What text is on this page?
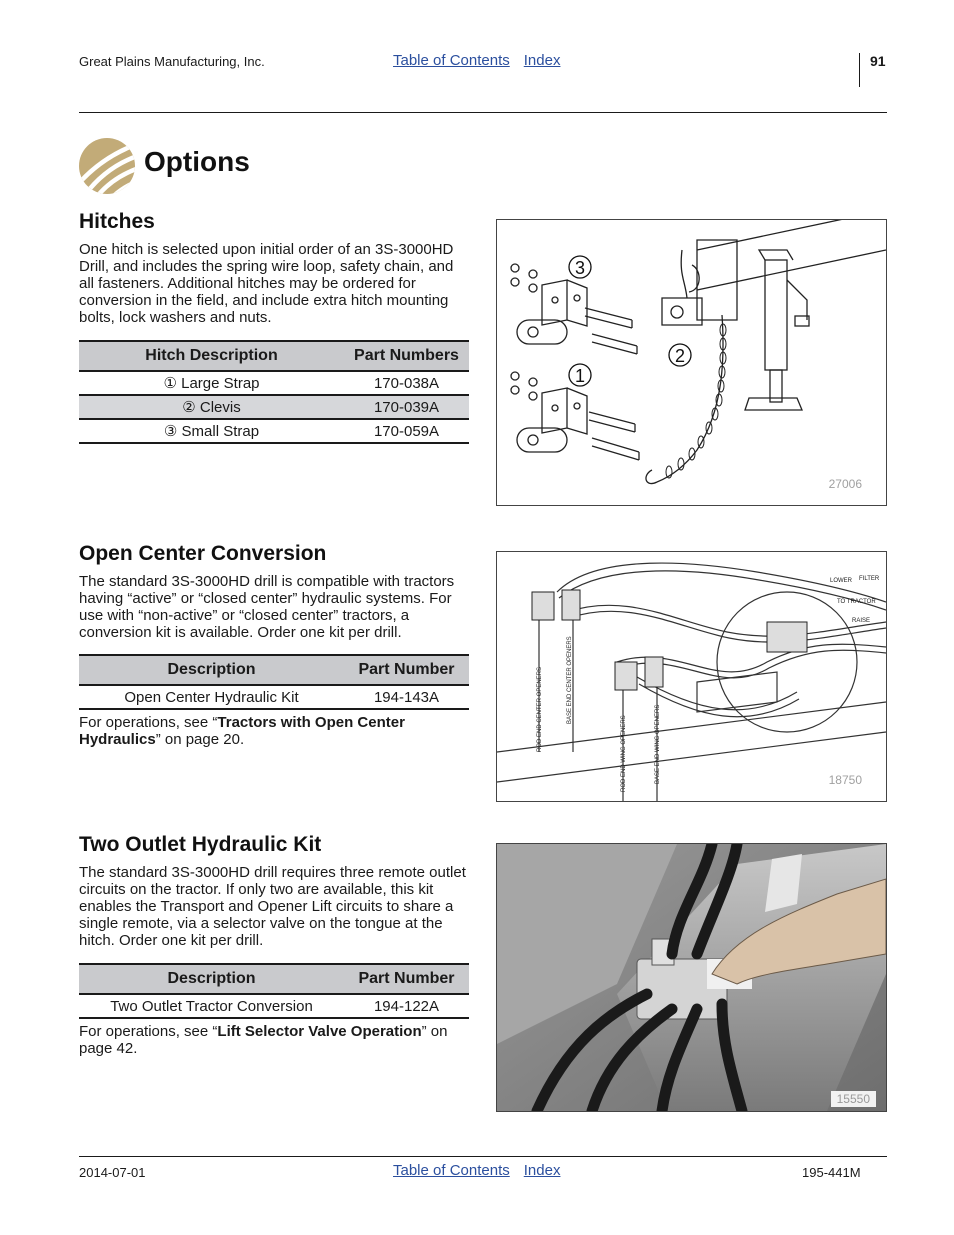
Great Plains Manufacturing, Inc.	Table of Contents Index	91
Options
Hitches
One hitch is selected upon initial order of an 3S-3000HD Drill, and includes the spring wire loop, safety chain, and all fasteners. Additional hitches may be ordered for conversion in the field, and include extra hitch mounting bolts, lock washers and nuts.
Hitch Description	Part Numbers
① Large Strap	170-038A
② Clevis	170-039A
③ Small Strap	170-059A
3
2
1
27006
Open Center Conversion
The standard 3S-3000HD drill is compatible with tractors having “active” or “closed center” hydraulic systems. For use with “non-active” or “closed center” tractors, a conversion kit is available. Order one kit per drill.
Description	Part Number
Open Center Hydraulic Kit	194-143A
For operations, see “Tractors with Open Center Hydraulics” on page 20.
LOWER FILTER
TO TRACTOR
RAISE
ROD END CENTER OPENERS	BASE END CENTER OPENERS
ROD END WING OPENERS	BASE END WING OPENERS	18750
Two Outlet Hydraulic Kit
The standard 3S-3000HD drill requires three remote outlet circuits on the tractor. If only two are available, this kit enables the Transport and Opener Lift circuits to share a single remote, via a selector valve on the tongue at the hitch. Order one kit per drill.
Description	Part Number
Two Outlet Tractor Conversion	194-122A
For operations, see “Lift Selector Valve Operation” on page 42.
15550
2014-07-01	Table of Contents Index	195-441M
